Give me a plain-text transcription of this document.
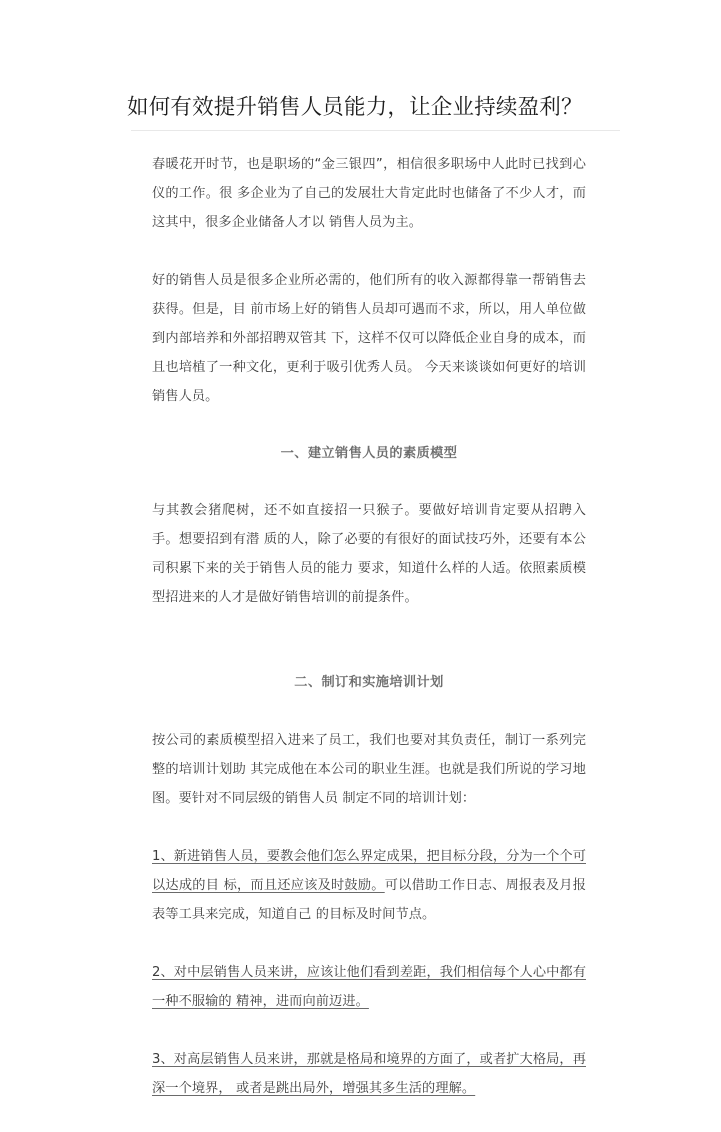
如何有效提升销售人员能力，让企业持续盈利？

春暖花开时节，也是职场的“金三银四”，相信很多职场中人此时已找到心仪的工作。很 多企业为了自己的发展壮大肯定此时也储备了不少人才，而这其中，很多企业储备人才以 销售人员为主。

好的销售人员是很多企业所必需的，他们所有的收入源都得靠一帮销售去获得。但是，目 前市场上好的销售人员却可遇而不求，所以，用人单位做到内部培养和外部招聘双管其 下，这样不仅可以降低企业自身的成本，而且也培植了一种文化，更利于吸引优秀人员。 今天来谈谈如何更好的培训销售人员。

一、建立销售人员的素质模型

与其教会猪爬树，还不如直接招一只猴子。要做好培训肯定要从招聘入手。想要招到有潜 质的人，除了必要的有很好的面试技巧外，还要有本公司积累下来的关于销售人员的能力 要求，知道什么样的人适。依照素质模型招进来的人才是做好销售培训的前提条件。

二、制订和实施培训计划

按公司的素质模型招入进来了员工，我们也要对其负责任，制订一系列完整的培训计划助 其完成他在本公司的职业生涯。也就是我们所说的学习地图。要针对不同层级的销售人员 制定不同的培训计划：

1、新进销售人员，要教会他们怎么界定成果，把目标分段，分为一个个可以达成的目 标，而且还应该及时鼓励。可以借助工作日志、周报表及月报表等工具来完成，知道自己 的目标及时间节点。

2、对中层销售人员来讲，应该让他们看到差距，我们相信每个人心中都有一种不服输的 精神，进而向前迈进。

3、对高层销售人员来讲，那就是格局和境界的方面了，或者扩大格局，再深一个境界， 或者是跳出局外，增强其多生活的理解。
